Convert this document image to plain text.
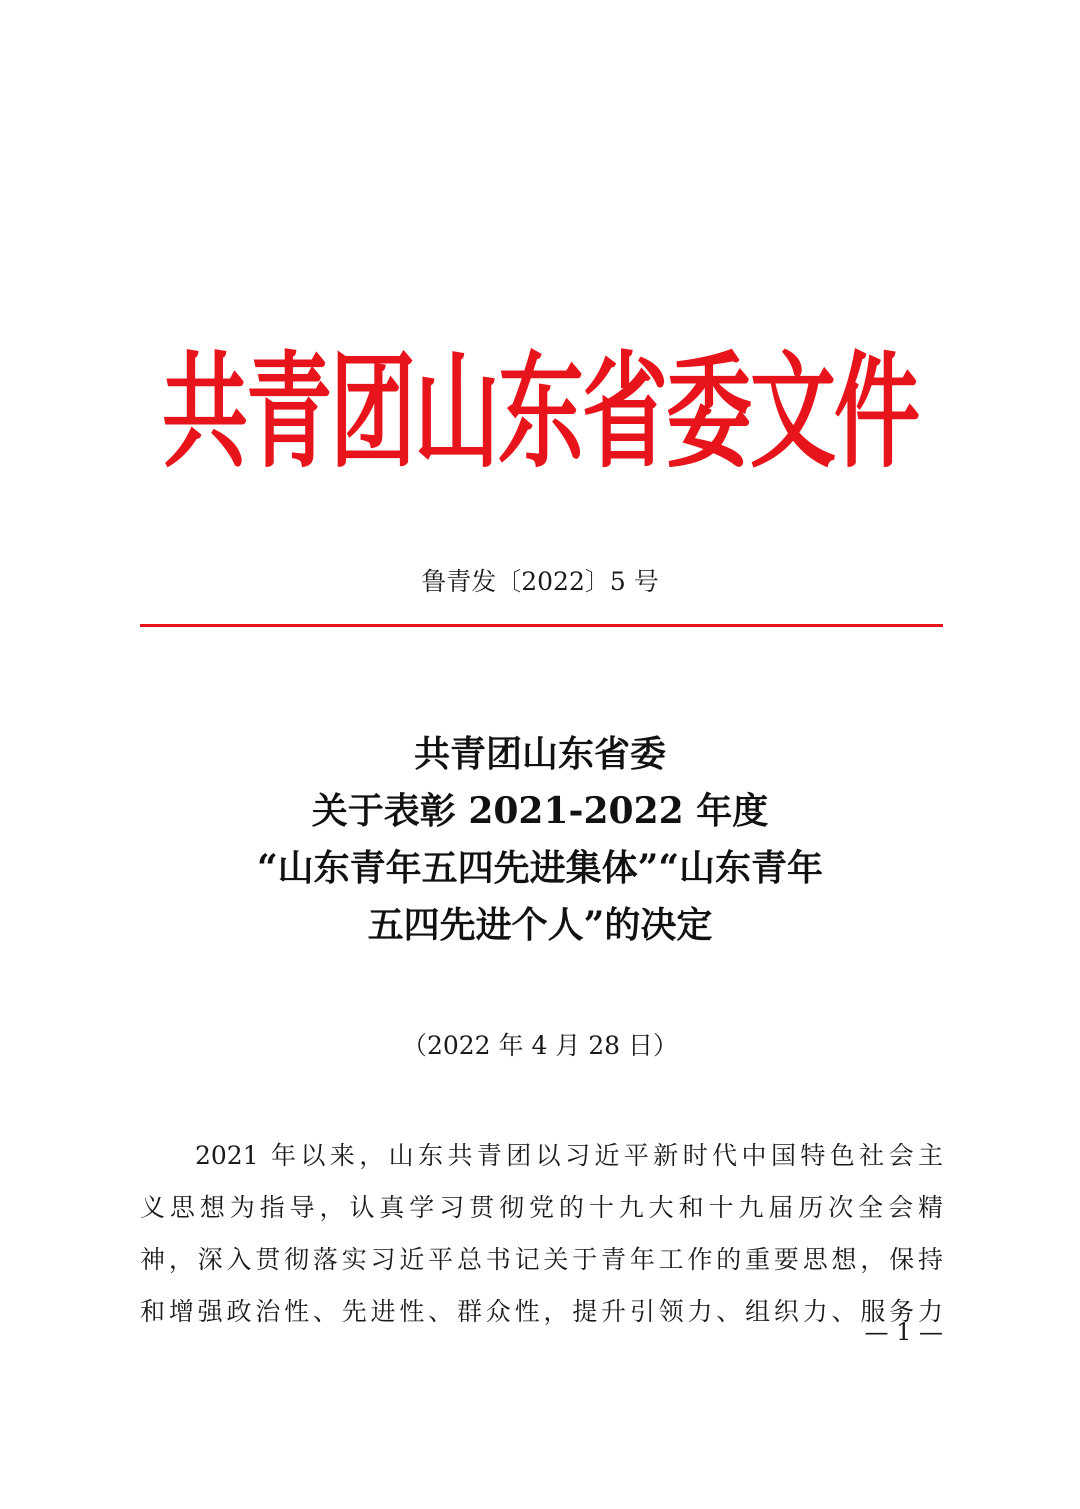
共青团山东省委文件
鲁青发〔2022〕5 号
共青团山东省委
关于表彰 2021-2022 年度
“山东青年五四先进集体”“山东青年
五四先进个人”的决定
（2022 年 4 月 28 日）
2021 年以来，山东共青团以习近平新时代中国特色社会主
义思想为指导，认真学习贯彻党的十九大和十九届历次全会精
神，深入贯彻落实习近平总书记关于青年工作的重要思想，保持
和增强政治性、先进性、群众性，提升引领力、组织力、服务力
— 1 —
